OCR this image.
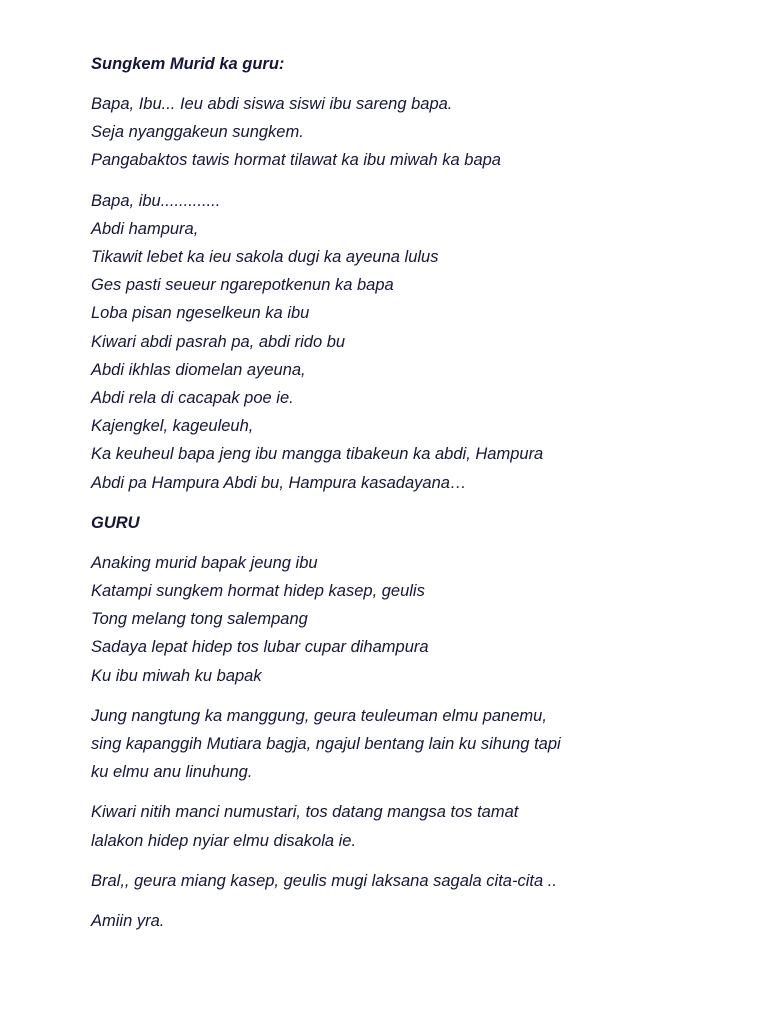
Sungkem Murid ka guru:
Bapa, Ibu... Ieu abdi siswa siswi ibu sareng bapa.
Seja nyanggakeun sungkem.
Pangabaktos tawis hormat tilawat ka ibu miwah ka bapa
Bapa, ibu.............
Abdi hampura,
Tikawit lebet ka ieu sakola dugi ka ayeuna lulus
Ges pasti seueur ngarepotkenun ka bapa
Loba pisan ngeselkeun ka ibu
Kiwari abdi pasrah pa, abdi rido bu
Abdi ikhlas diomelan ayeuna,
Abdi rela di cacapak poe ie.
Kajengkel, kageuleuh,
Ka keuheul bapa jeng ibu mangga tibakeun ka abdi, Hampura
Abdi pa Hampura Abdi bu, Hampura kasadayana…
GURU
Anaking murid bapak jeung ibu
Katampi sungkem hormat hidep kasep, geulis
Tong melang tong salempang
Sadaya lepat hidep tos lubar cupar dihampura
Ku ibu miwah ku bapak
Jung nangtung ka manggung, geura teuleuman elmu panemu,
sing kapanggih Mutiara bagja, ngajul bentang lain ku sihung tapi
ku elmu anu linuhung.
Kiwari nitih manci numustari, tos datang mangsa tos tamat
lalakon hidep nyiar elmu disakola ie.
Bral,, geura miang kasep, geulis mugi laksana sagala cita-cita ..
Amiin yra.
